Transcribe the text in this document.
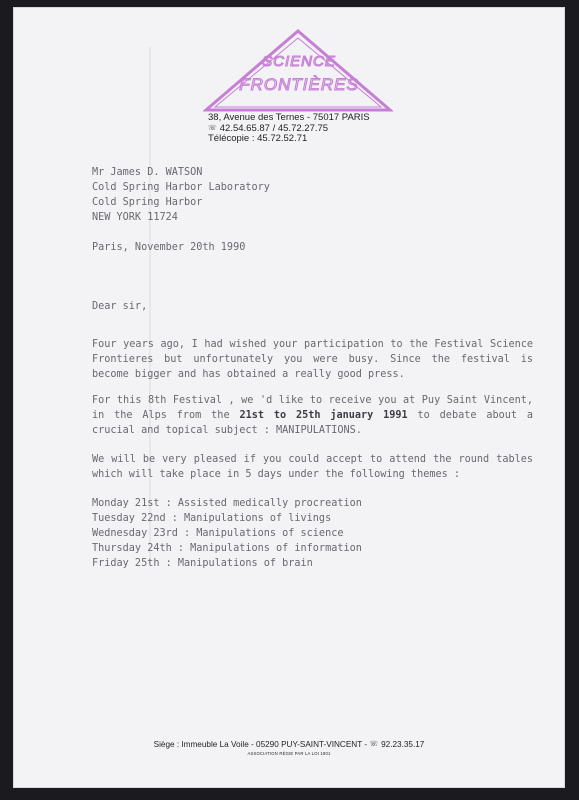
SCIENCE
FRONTIÈRES
38, Avenue des Ternes - 75017 PARIS
☏ 42.54.65.87 / 45.72.27.75
Télécopie : 45.72.52.71
Mr James D. WATSON
Cold Spring Harbor Laboratory
Cold Spring Harbor
NEW YORK 11724
Paris, November 20th 1990
Dear sir,
Four years ago, I had wished your participation to the Festival Science Frontieres but unfortunately you were busy. Since the festival is become bigger and has obtained a really good press.
For this 8th Festival , we 'd like to receive you at Puy Saint Vincent, in the Alps from the 21st to 25th january 1991 to debate about a crucial and topical subject : MANIPULATIONS.
We will be very pleased if you could accept to attend the round tables which will take place in 5 days under the following themes :
Monday 21st : Assisted medically procreation
Tuesday 22nd : Manipulations of livings
Wednesday 23rd : Manipulations of science
Thursday 24th : Manipulations of information
Friday 25th : Manipulations of brain
Siège : Immeuble La Voile - 05290 PUY-SAINT-VINCENT - ☏ 92.23.35.17
ASSOCIATION RÉGIE PAR LA LOI 1901
